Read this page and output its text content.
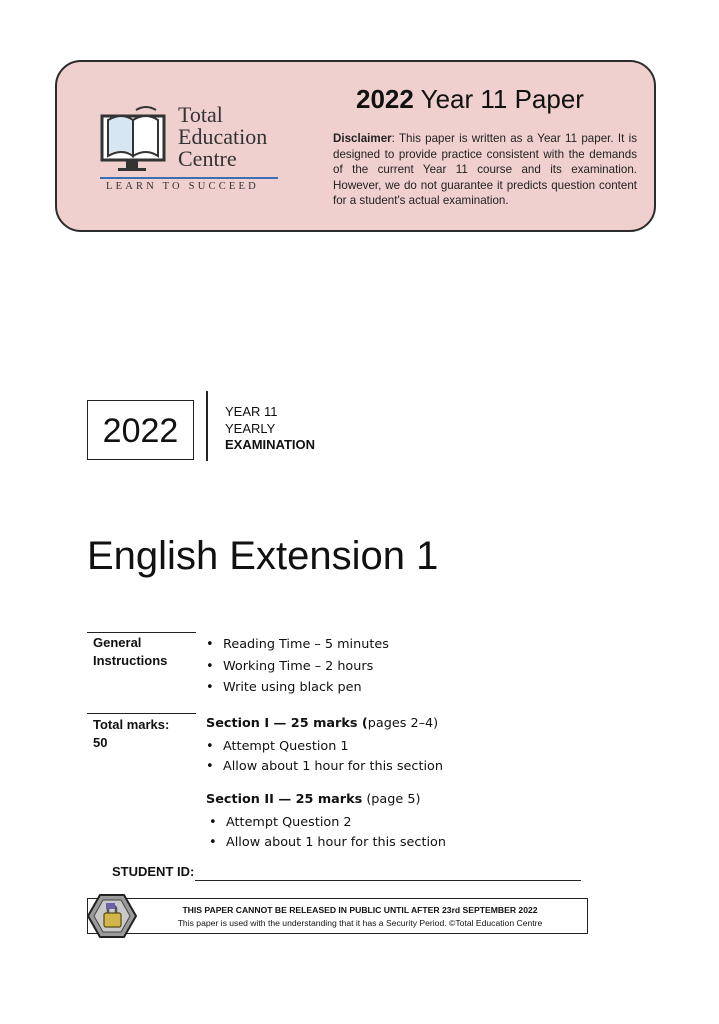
Total
Education
Centre
LEARN TO SUCCEED
2022 Year 11 Paper
Disclaimer: This paper is written as a Year 11 paper. It is designed to provide practice consistent with the demands of the current Year 11 course and its examination. However, we do not guarantee it predicts question content for a student's actual examination.
2022
YEAR 11
YEARLY
EXAMINATION
English Extension 1
General
Instructions
• Reading Time – 5 minutes
• Working Time – 2 hours
• Write using black pen
Total marks:
50
Section I — 25 marks (pages 2–4)
• Attempt Question 1
• Allow about 1 hour for this section
Section II — 25 marks (page 5)
• Attempt Question 2
• Allow about 1 hour for this section
STUDENT ID:
THIS PAPER CANNOT BE RELEASED IN PUBLIC UNTIL AFTER 23rd SEPTEMBER 2022
This paper is used with the understanding that it has a Security Period. ©Total Education Centre
